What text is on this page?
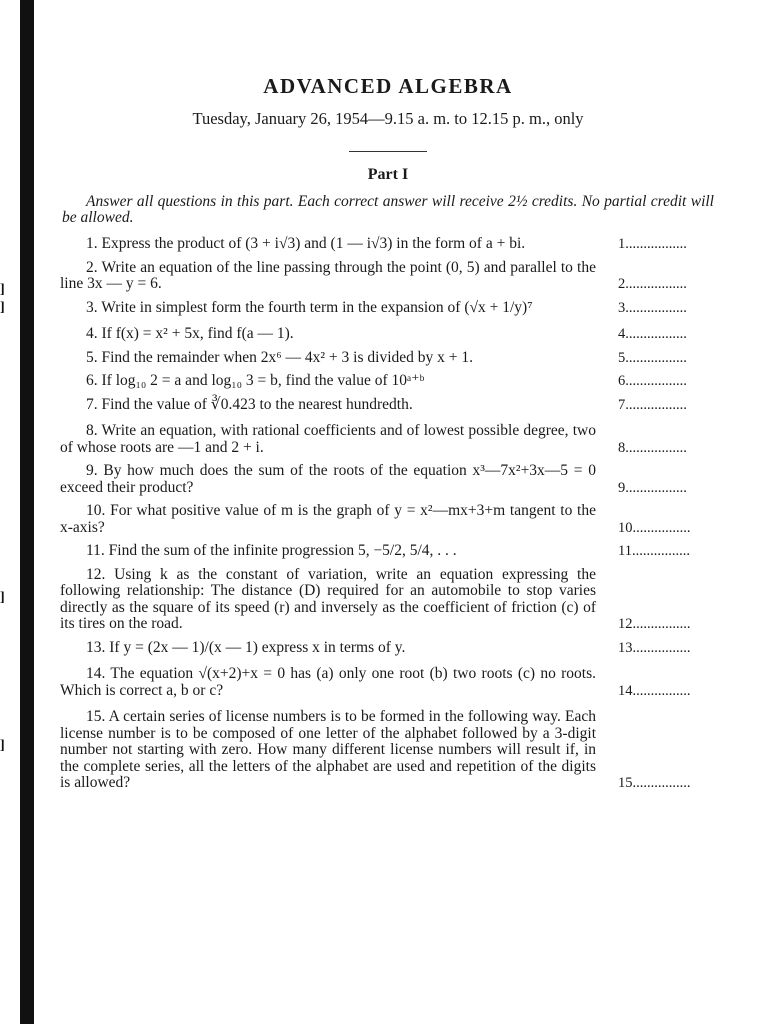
]
]
]
]
ADVANCED ALGEBRA
Tuesday, January 26, 1954—9.15 a. m. to 12.15 p. m., only
Part I
Answer all questions in this part. Each correct answer will receive 2½ credits. No partial credit will be allowed.
1. Express the product of (3 + i√3) and (1 — i√3) in the form of a + bi.	1.................
2. Write an equation of the line passing through the point (0, 5) and parallel to the line 3x — y = 6.	2.................
3. Write in simplest form the fourth term in the expansion of (√x + 1/y)⁷	3.................
4. If f(x) = x² + 5x, find f(a — 1).	4.................
5. Find the remainder when 2x⁶ — 4x² + 3 is divided by x + 1.	5.................
6. If log₁₀ 2 = a and log₁₀ 3 = b, find the value of 10ᵃ⁺ᵇ	6.................
7. Find the value of ∛0.423 to the nearest hundredth.	7.................
8. Write an equation, with rational coefficients and of lowest possible degree, two of whose roots are —1 and 2 + i.	8.................
9. By how much does the sum of the roots of the equation x³—7x²+3x—5 = 0 exceed their product?	9.................
10. For what positive value of m is the graph of y = x²—mx+3+m tangent to the x-axis?	10................
11. Find the sum of the infinite progression 5, −5/2, 5/4, . . .	11................
12. Using k as the constant of variation, write an equation expressing the following relationship: The distance (D) required for an automobile to stop varies directly as the square of its speed (r) and inversely as the coefficient of friction (c) of its tires on the road.	12................
13. If y = (2x — 1)/(x — 1) express x in terms of y.	13................
14. The equation √(x+2)+x = 0 has (a) only one root (b) two roots (c) no roots. Which is correct a, b or c?	14................
15. A certain series of license numbers is to be formed in the following way. Each license number is to be composed of one letter of the alphabet followed by a 3-digit number not starting with zero. How many different license numbers will result if, in the complete series, all the letters of the alphabet are used and repetition of the digits is allowed?	15................
